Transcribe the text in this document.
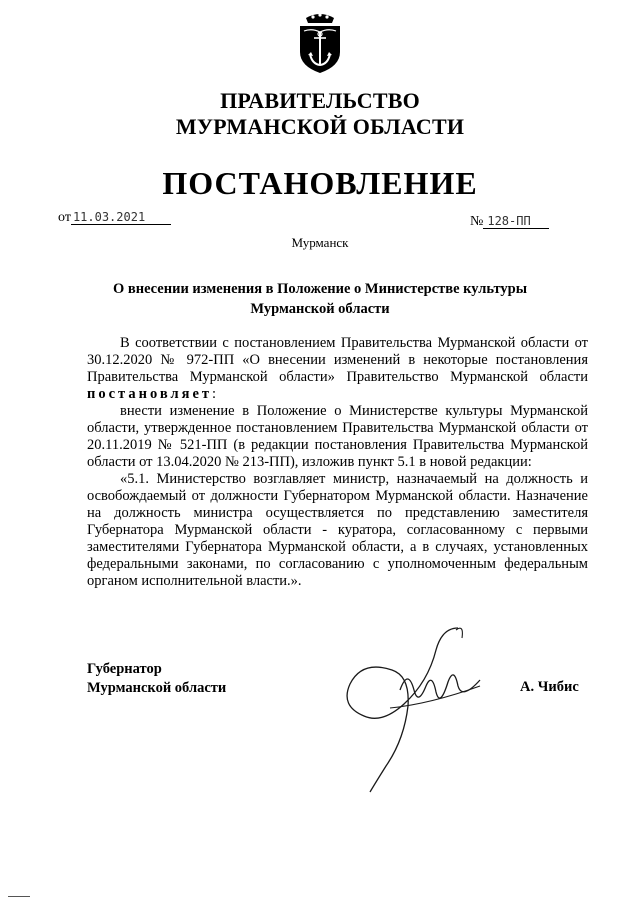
ПРАВИТЕЛЬСТВО
МУРМАНСКОЙ ОБЛАСТИ
ПОСТАНОВЛЕНИЕ
от 11.03.2021	№ 128-ПП
Мурманск
О внесении изменения в Положение о Министерстве культуры
Мурманской области

В соответствии с постановлением Правительства Мурманской области от 30.12.2020 № 972-ПП «О внесении изменений в некоторые постановления Правительства Мурманской области» Правительство Мурманской области постановляет:

внести изменение в Положение о Министерстве культуры Мурманской области, утвержденное постановлением Правительства Мурманской области от 20.11.2019 № 521-ПП (в редакции постановления Правительства Мурманской области от 13.04.2020 № 213-ПП), изложив пункт 5.1 в новой редакции:

«5.1. Министерство возглавляет министр, назначаемый на должность и освобождаемый от должности Губернатором Мурманской области. Назначение на должность министра осуществляется по представлению заместителя Губернатора Мурманской области - куратора, согласованному с первыми заместителями Губернатора Мурманской области, а в случаях, установленных федеральными законами, по согласованию с уполномоченным федеральным органом исполнительной власти.».

Губернатор
Мурманской области	А. Чибис
